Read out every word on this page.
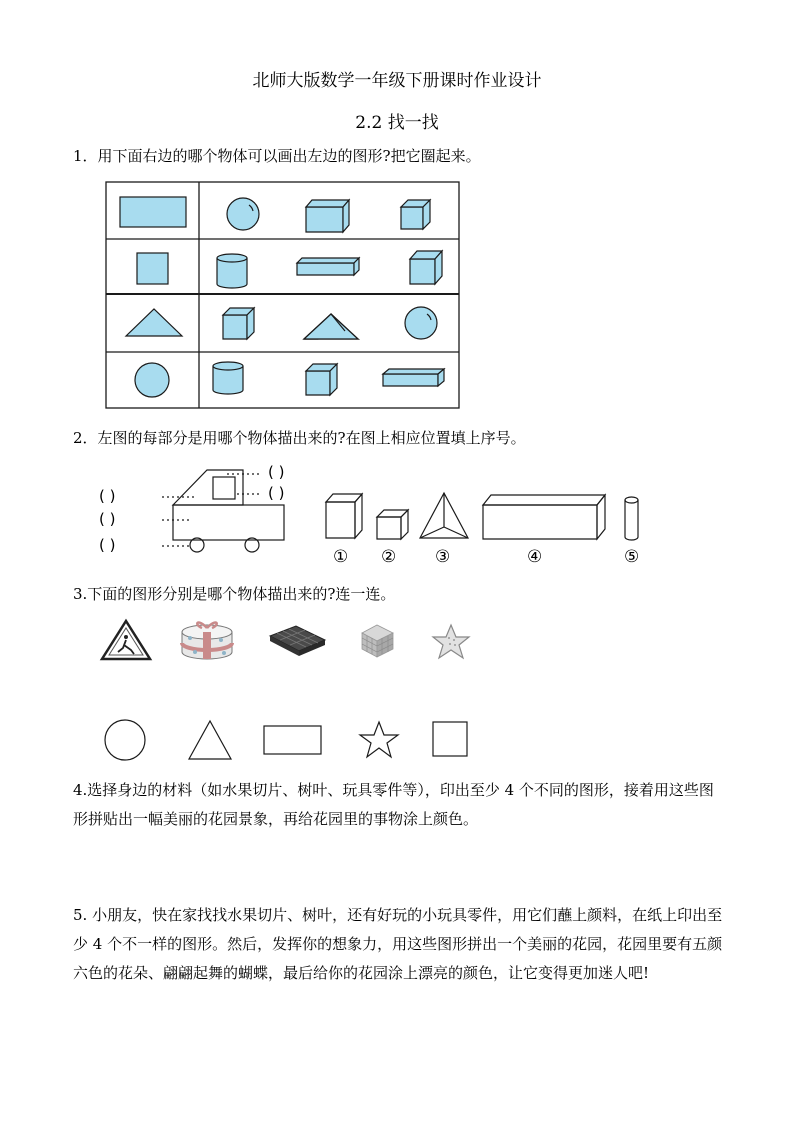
北师大版数学一年级下册课时作业设计
2.2 找一找
1．用下面右边的哪个物体可以画出左边的图形?把它圈起来。
2．左图的每部分是用哪个物体描出来的?在图上相应位置填上序号。
( )
( )
( )
( )
( )
① ② ③	④	⑤
3.下面的图形分别是哪个物体描出来的?连一连。
4.选择身边的材料（如水果切片、树叶、玩具零件等），印出至少 4 个不同的图形，接着用这些图形拼贴出一幅美丽的花园景象，再给花园里的事物涂上颜色。
5. 小朋友，快在家找找水果切片、树叶，还有好玩的小玩具零件，用它们蘸上颜料，在纸上印出至少 4 个不一样的图形。然后，发挥你的想象力，用这些图形拼出一个美丽的花园，花园里要有五颜六色的花朵、翩翩起舞的蝴蝶，最后给你的花园涂上漂亮的颜色，让它变得更加迷人吧!
